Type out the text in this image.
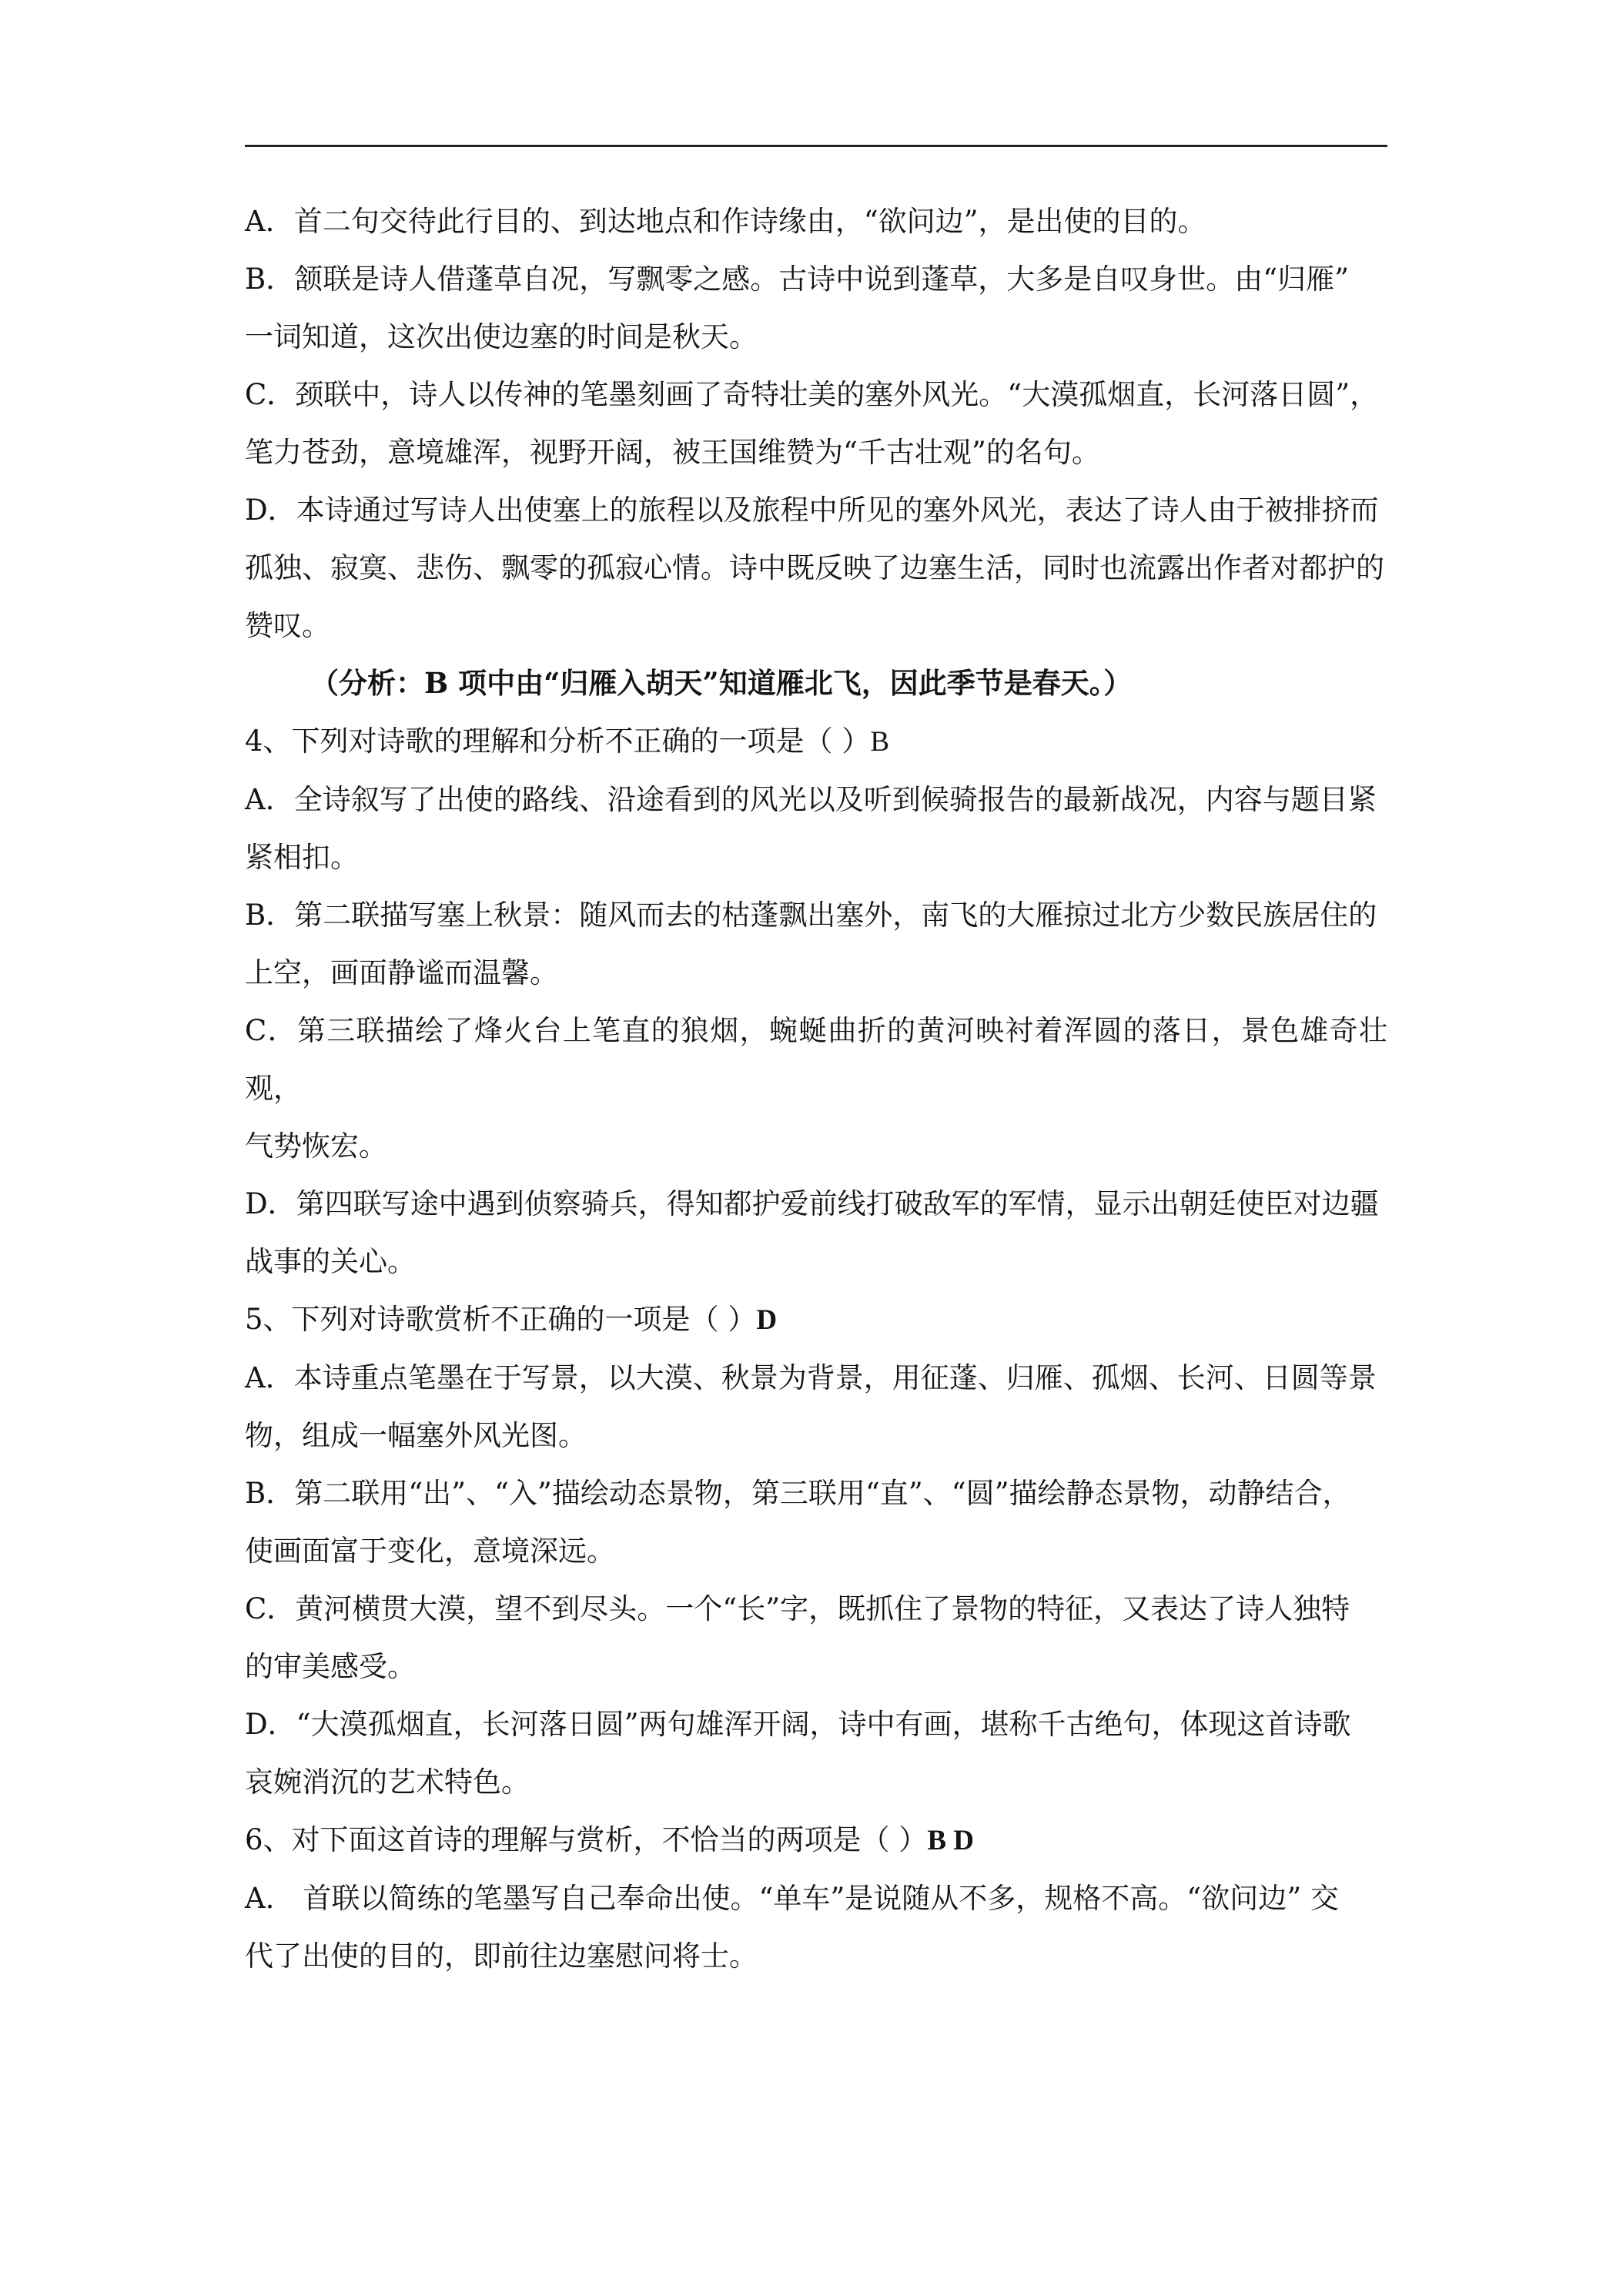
A．首二句交待此行目的、到达地点和作诗缘由，“欲问边”，是出使的目的。

B．颔联是诗人借蓬草自况，写飘零之感。古诗中说到蓬草，大多是自叹身世。由“归雁”

一词知道，这次出使边塞的时间是秋天。

C．颈联中，诗人以传神的笔墨刻画了奇特壮美的塞外风光。“大漠孤烟直，长河落日圆”，

笔力苍劲，意境雄浑，视野开阔，被王国维赞为“千古壮观”的名句。

D．本诗通过写诗人出使塞上的旅程以及旅程中所见的塞外风光，表达了诗人由于被排挤而

孤独、寂寞、悲伤、飘零的孤寂心情。诗中既反映了边塞生活，同时也流露出作者对都护的

赞叹。

（分析：B 项中由“归雁入胡天”知道雁北飞，因此季节是春天。）

4、下列对诗歌的理解和分析不正确的一项是（ ）B

A．全诗叙写了出使的路线、沿途看到的风光以及听到候骑报告的最新战况，内容与题目紧

紧相扣。

B．第二联描写塞上秋景：随风而去的枯蓬飘出塞外，南飞的大雁掠过北方少数民族居住的

上空，画面静谧而温馨。

C．第三联描绘了烽火台上笔直的狼烟，蜿蜒曲折的黄河映衬着浑圆的落日，景色雄奇壮观，

气势恢宏。

D．第四联写途中遇到侦察骑兵，得知都护爱前线打破敌军的军情，显示出朝廷使臣对边疆

战事的关心。

5、下列对诗歌赏析不正确的一项是（ ）D

A．本诗重点笔墨在于写景，以大漠、秋景为背景，用征蓬、归雁、孤烟、长河、日圆等景

物，组成一幅塞外风光图。

B．第二联用“出”、“入”描绘动态景物，第三联用“直”、“圆”描绘静态景物，动静结合，

使画面富于变化，意境深远。

C．黄河横贯大漠，望不到尽头。一个“长”字，既抓住了景物的特征，又表达了诗人独特

的审美感受。

D．“大漠孤烟直，长河落日圆”两句雄浑开阔，诗中有画，堪称千古绝句，体现这首诗歌

哀婉消沉的艺术特色。

6、对下面这首诗的理解与赏析，不恰当的两项是（ ）B D

A． 首联以简练的笔墨写自己奉命出使。“单车”是说随从不多，规格不高。“欲问边” 交

代了出使的目的，即前往边塞慰问将士。
